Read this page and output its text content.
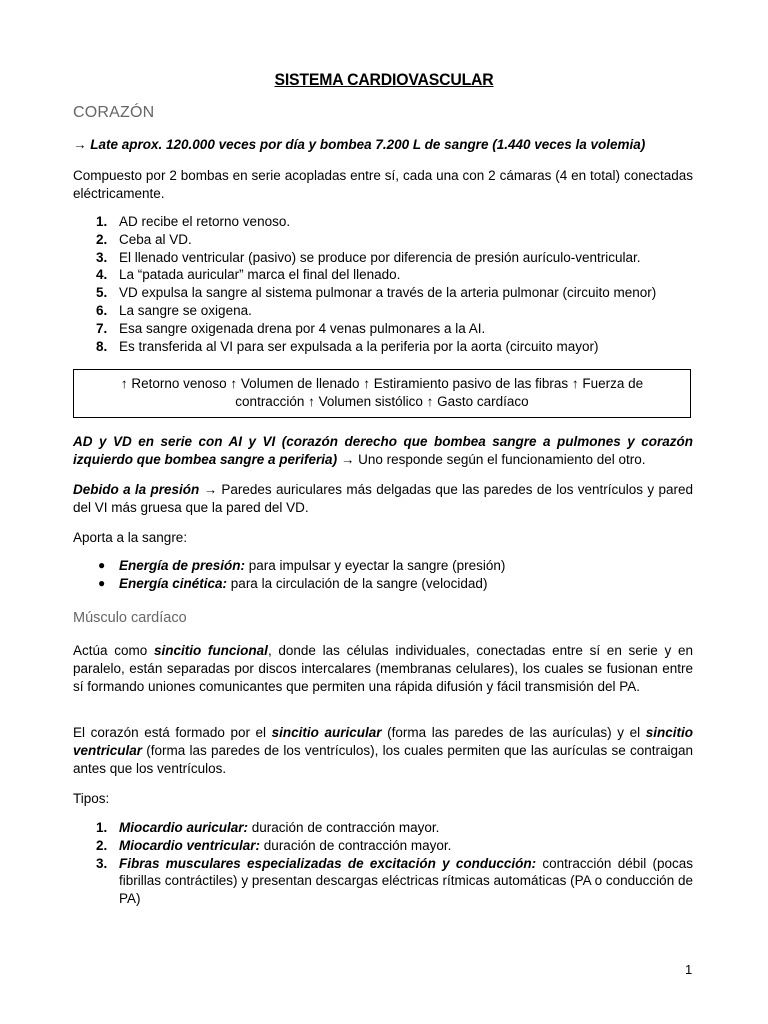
SISTEMA CARDIOVASCULAR
CORAZÓN

→ Late aprox. 120.000 veces por día y bombea 7.200 L de sangre (1.440 veces la volemia)

Compuesto por 2 bombas en serie acopladas entre sí, cada una con 2 cámaras (4 en total) conectadas eléctricamente.

1. AD recibe el retorno venoso.
2. Ceba al VD.
3. El llenado ventricular (pasivo) se produce por diferencia de presión aurículo-ventricular.
4. La “patada auricular” marca el final del llenado.
5. VD expulsa la sangre al sistema pulmonar a través de la arteria pulmonar (circuito menor)
6. La sangre se oxigena.
7. Esa sangre oxigenada drena por 4 venas pulmonares a la AI.
8. Es transferida al VI para ser expulsada a la periferia por la aorta (circuito mayor)
↑ Retorno venoso ↑ Volumen de llenado ↑ Estiramiento pasivo de las fibras ↑ Fuerza de contracción ↑ Volumen sistólico ↑ Gasto cardíaco

AD y VD en serie con AI y VI (corazón derecho que bombea sangre a pulmones y corazón izquierdo que bombea sangre a periferia) → Uno responde según el funcionamiento del otro.

Debido a la presión → Paredes auriculares más delgadas que las paredes de los ventrículos y pared del VI más gruesa que la pared del VD.

Aporta a la sangre:

● Energía de presión: para impulsar y eyectar la sangre (presión)
● Energía cinética: para la circulación de la sangre (velocidad)
Músculo cardíaco

Actúa como sincitio funcional, donde las células individuales, conectadas entre sí en serie y en paralelo, están separadas por discos intercalares (membranas celulares), los cuales se fusionan entre sí formando uniones comunicantes que permiten una rápida difusión y fácil transmisión del PA.

El corazón está formado por el sincitio auricular (forma las paredes de las aurículas) y el sincitio ventricular (forma las paredes de los ventrículos), los cuales permiten que las aurículas se contraigan antes que los ventrículos.

Tipos:

1. Miocardio auricular: duración de contracción mayor.
2. Miocardio ventricular: duración de contracción mayor.
3. Fibras musculares especializadas de excitación y conducción: contracción débil (pocas fibrillas contráctiles) y presentan descargas eléctricas rítmicas automáticas (PA o conducción de PA)
1
